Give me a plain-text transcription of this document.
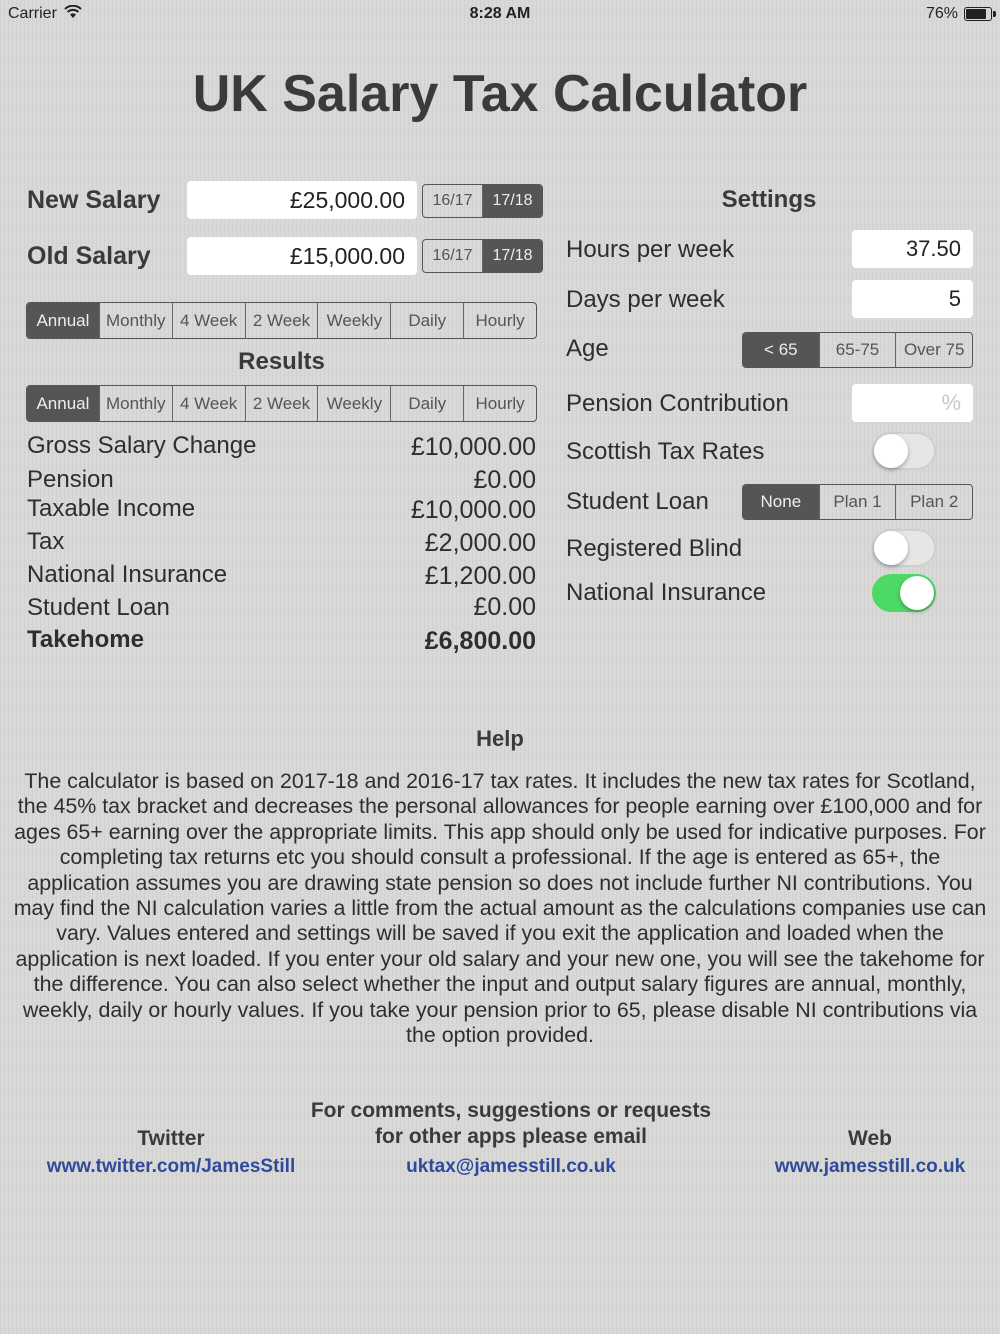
Carrier	8:28 AM	76%
UK Salary Tax Calculator
New Salary	£25,000.00	16/17	17/18
Old Salary	£15,000.00	16/17	17/18
Annual Monthly 4 Week 2 Week Weekly	Daily	Hourly
Results
Annual Monthly 4 Week 2 Week Weekly	Daily	Hourly
Gross Salary Change	£10,000.00
Pension	£0.00
Taxable Income	£10,000.00
Tax	£2,000.00
National Insurance	£1,200.00
Student Loan	£0.00
Takehome	£6,800.00
Settings
Hours per week	37.50
Days per week	5
Age	< 65	65-75	Over 75
Pension Contribution	%
Scottish Tax Rates
Student Loan	None	Plan 1	Plan 2
Registered Blind
National Insurance
Help
The calculator is based on 2017-18 and 2016-17 tax rates. It includes the new tax rates for Scotland, the 45% tax bracket and decreases the personal allowances for people earning over £100,000 and for ages 65+ earning over the appropriate limits. This app should only be used for indicative purposes. For completing tax returns etc you should consult a professional. If the age is entered as 65+, the application assumes you are drawing state pension so does not include further NI contributions. You may find the NI calculation varies a little from the actual amount as the calculations companies use can vary. Values entered and settings will be saved if you exit the application and loaded when the application is next loaded. If you enter your old salary and your new one, you will see the takehome for the difference. You can also select whether the input and output salary figures are annual, monthly, weekly, daily or hourly values. If you take your pension prior to 65, please disable NI contributions via the option provided.
Twitter
www.twitter.com/JamesStill
For comments, suggestions or requests
for other apps please email
uktax@jamesstill.co.uk
Web
www.jamesstill.co.uk
